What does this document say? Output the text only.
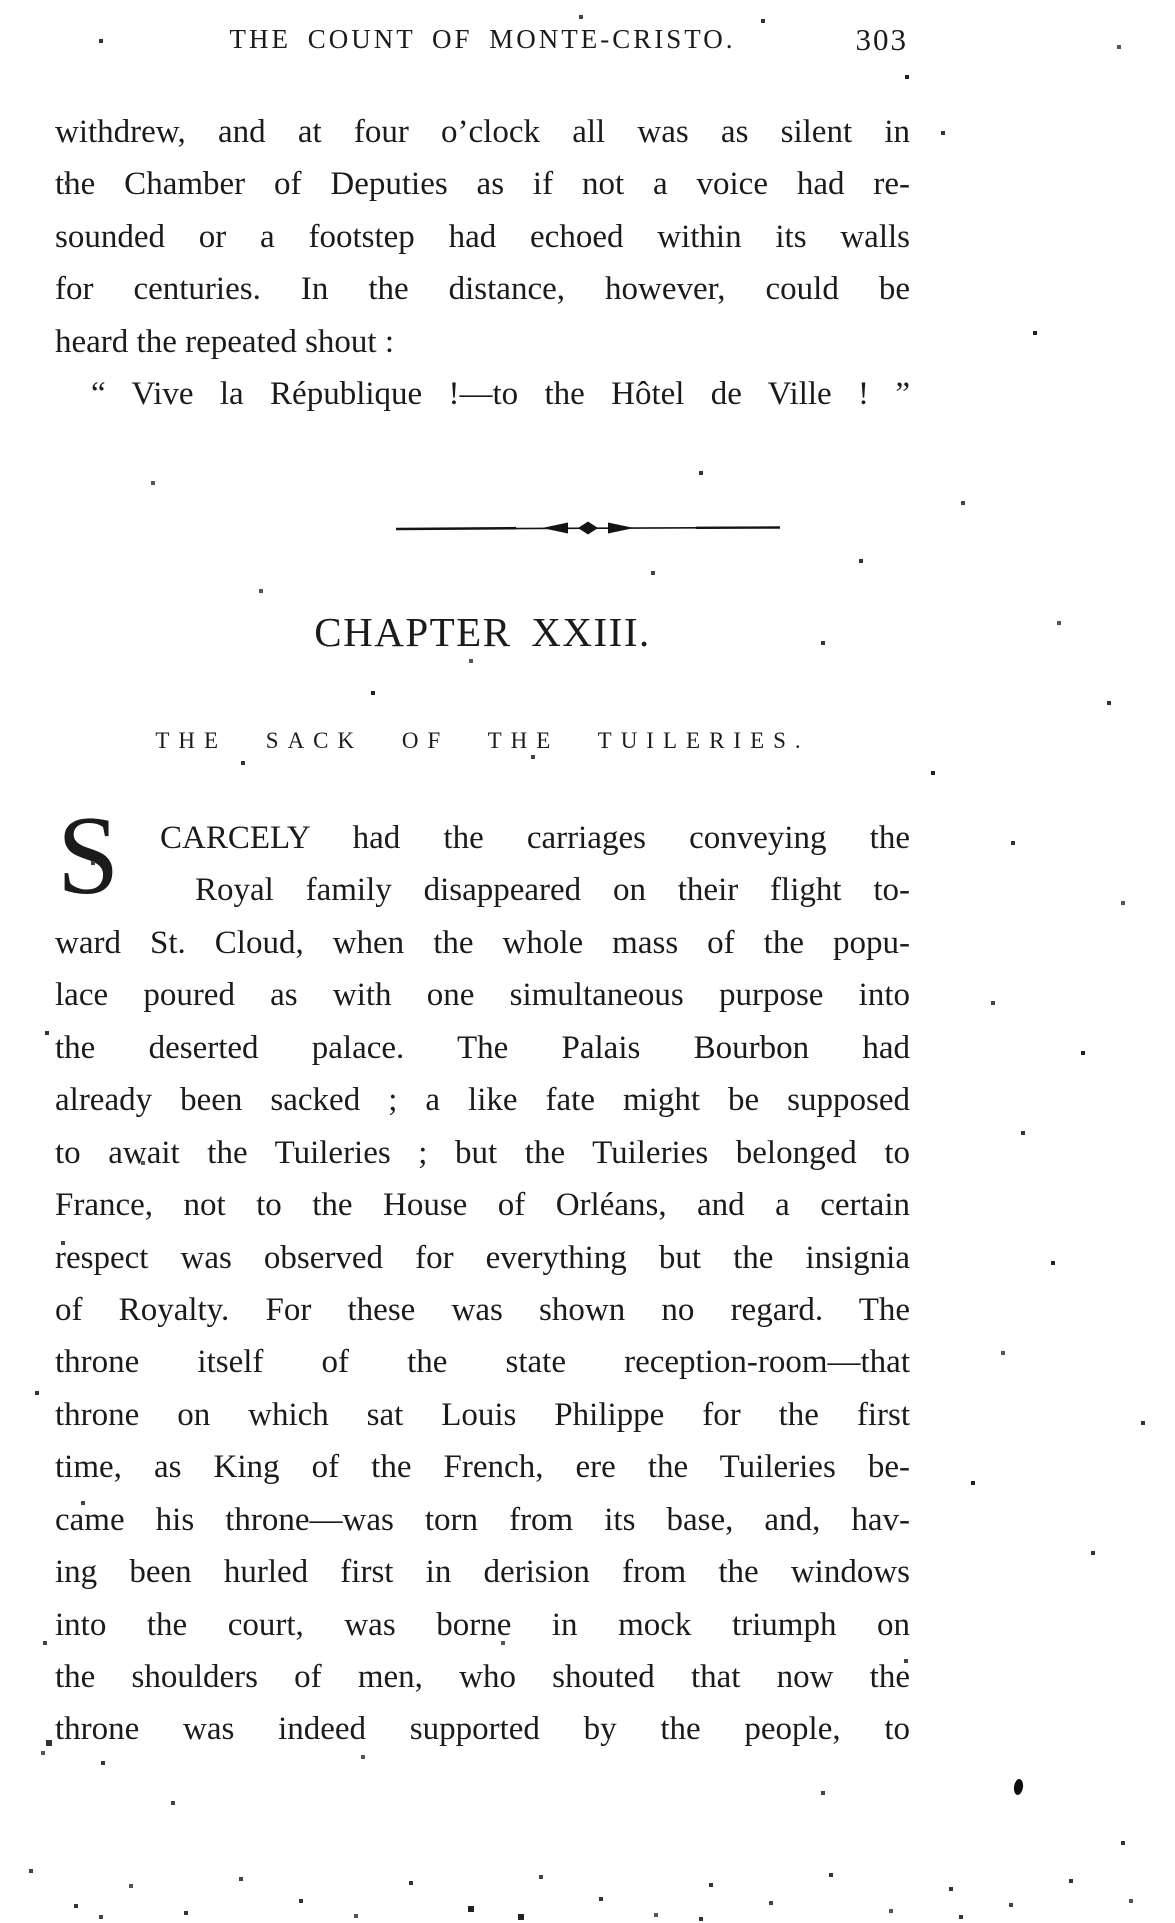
THE COUNT OF MONTE-CRISTO.	303
withdrew, and at four o’clock all was as silent in
the Chamber of Deputies as if not a voice had re-
sounded or a footstep had echoed within its walls
for centuries. In the distance, however, could be
heard the repeated shout :
“ Vive la République !—to the Hôtel de Ville ! ”
CHAPTER XXIII.
THE SACK OF THE TUILERIES.
S	CARCELY had the carriages conveying the
Royal family disappeared on their flight to-
ward St. Cloud, when the whole mass of the popu-
lace poured as with one simultaneous purpose into
the deserted palace. The Palais Bourbon had
already been sacked ; a like fate might be supposed
to await the Tuileries ; but the Tuileries belonged to
France, not to the House of Orléans, and a certain
respect was observed for everything but the insignia
of Royalty. For these was shown no regard. The
throne itself of the state reception-room—that
throne on which sat Louis Philippe for the first
time, as King of the French, ere the Tuileries be-
came his throne—was torn from its base, and, hav-
ing been hurled first in derision from the windows
into the court, was borne in mock triumph on
the shoulders of men, who shouted that now the
throne was indeed supported by the people, to
